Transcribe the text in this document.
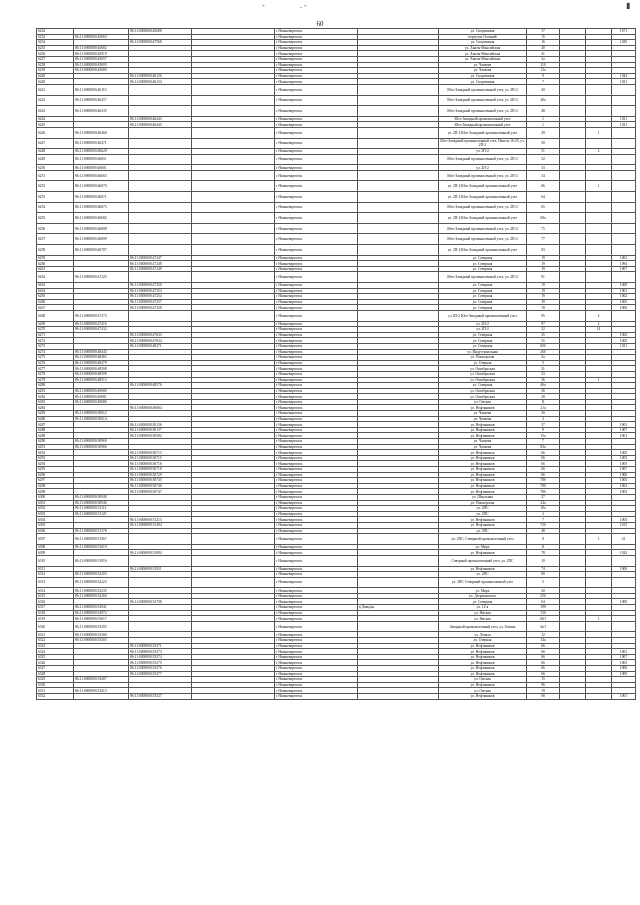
-	. -	▮
60
6232		86:11:0000000:45688		г Нижневартовск		ул. Спортивная	17			1071
6233	86:11:0000000:45663			г Нижневартовск		переулок Осенний	15			
6234		86:11:0000000:47568		г Нижневартовск		ул. Спортивная	16			1029
6235	86:11:0000000:45682			г Нижневартовск		ул. Ханты-Мансийская	40			
6236	86:11:0000000:45919			г Нижневартовск		ул. Ханты-Мансийская	41			
6237	86:11:0000000:45657			г Нижневартовск		ул. Ханты-Мансийская	3а			
6238	86:11:0000000:45695			г Нижневартовск		ул. Чапаева	11б			
6239	86:11:0000000:45680			г Нижневартовск		ул. Чапаева	13а			
6240		86:11:0000000:46136		г Нижневартовск		ул. Спортивная	9			1044
6240		86:11:0000000:46134		г Нижневартовск		ул. Спортивная	7			1031
6241	86:11:0000000:46110			г Нижневартовск		Юго-Западный промышленный узел, ул. 2П-2	40			
6242	86:11:0000000:46257			г Нижневартовск		Юго-Западный промышленный узел, ул. 2П-2	40а			
6243	86:11:0000000:46335			г Нижневартовск		Юго-Западный промышленный узел, ул. 2П-2	48			
6244		86:11:0000000:46443		г Нижневартовск		Юго-Западный промышленный узел	1			1031
6245		86:11:0000000:46445		г Нижневартовск		Юго-Западный промышленный узел	1			1031
6246	86:11:0000000:46468			г Нижневартовск		ул. 2П-2 Юго-Западный промышленный узел	49		1	
6247	86:11:0000000:46471			г Нижневартовск		Юго-Западный промышленный узел, Панель 16-25, ул. 2П-2	50			
6248	86:11:0000000:46628			г Нижневартовск		ул. 2П-2	51		2	
6249	86:11:0000000:46651			г Нижневартовск		Юго-Западный промышленный узел, ул. 2П-2	52			
6250	86:11:0000000:46601			г Нижневартовск		ул. 2П-2	33			
6251	86:11:0000000:46663			г Нижневартовск		Юго-Западный промышленный узел, ул. 2П-2	34			
6252	86:11:0000000:46670			г Нижневартовск		ул. 2П-2 Юго-Западный промышленный узел	66		1	
6253	86:11:0000000:46671			г Нижневартовск		ул. 2П-2 Юго-Западный промышленный узел	64			
6254	86:11:0000000:46675			г Нижневартовск		Юго-Западный промышленный узел, ул. 2П-2	65			
6255	86:11:0000000:46682			г Нижневартовск		ул. 2П-2 Юго-Западный промышленный узел	68а			
6256	86:11:0000000:46698			г Нижневартовск		Юго-Западный промышленный узел, ул. 2П-2	75			
6257	86:11:0000000:46699			г Нижневартовск		Юго-Западный промышленный узел, ул. 2П-2	77			
6258	86:11:0000000:46707			г Нижневартовск		ул. 2П-2 Юго-Западный промышленный узел	83			
6259		86:11:0000000:47247		г Нижневартовск		ул. Северная	19			1002
6260		86:11:0000000:47248		г Нижневартовск		ул. Северная	19			1094
6261		86:11:0000000:47249		г Нижневартовск		ул. Северная	19			1007
6262	86:11:0000000:47225			г Нижневартовск		Юго-Западный промышленный узел, ул. 2П-2	91			
6263		86:11:0000000:47250		г Нижневартовск		ул. Северная	19			1008
6264		86:11:0000000:47253		г Нижневартовск		ул. Северная	19			1001
6265		86:11:0000000:47254		г Нижневартовск		ул. Северная	19			1002
6266		86:11:0000000:47257		г Нижневартовск		ул. Северная	19			1005
6267		86:11:0000000:47258		г Нижневартовск		ул. Северная	19			1006
6268	86:11:0000000:47272			г Нижневартовск		ул 2П-2 Юго-Западный промышленный узел	95		4	
6269	86:11:0000000:47416			г Нижневартовск		ул. 2П-2	97		2	
6270	86:11:0000000:47432			г Нижневартовск		ул. 2П-2	32		14	
6271		86:11:0000000:47633		г Нижневартовск		ул. Северная	35			1002
6272		86:11:0000000:47634		г Нижневартовск		ул. Северная	35			1002
6273		86:11:0000000:48371		г Нижневартовск		ул. Северная	60б			1031
6274	86:11:0000000:48445			г Нижневартовск		ул. Индустриальная	26б			
6275	86:11:0000000:48465			г Нижневартовск		ул. Пионерская	3а			
6276	86:11:0000000:48479			г Нижневартовск		ул. Озерная	5			
6277	86:11:0000000:48508			г Нижневартовск		ул. Октябрьская	31			
6278	86:11:0000000:48509			г Нижневартовск		ул. Октябрьская	23			
6279	86:11:0000000:48513			г Нижневартовск		ул. Октябрьская	36		1	
6280		86:11:0000000:48576		г Нижневартовск		ул. Северная	46а			
6281	86:11:0000000:49680			г Нижневартовск		ул. Октябрьская	36			
6282	86:11:0000000:49681			г Нижневартовск		ул. Октябрьская	28			
6283	86:11:0000000:49686			г Нижневартовск		ул. Омская	11			
6284		86:11:0000000:49684		г Нижневартовск		ул. Нефтяников	21а			
6285	86:11:0000000:50612			г Нижневартовск		ул. Чапаева	3б			
6286	86:11:0000000:50614			г Нижневартовск		ул. Чапаева	3			
6287		86:11:0000000:50136		г Нижневартовск		ул. Нефтяников	37			1001
6288		86:11:0000000:50137		г Нижневартовск		ул. Нефтяников	9			1007
6289		86:11:0000000:50582		г Нижневартовск		ул. Нефтяников	15а			1001
6290	86:11:0000000:50969			г Нижневартовск		ул. Чапаева	7			
6291	86:11:0000000:50966			г Нижневартовск		ул. Чапаева	83а			
6292		86:11:0000000:50713		г Нижневартовск		ул. Нефтяников	66			1002
6293		86:11:0000000:50715		г Нижневартовск		ул. Нефтяников	66			1003
6294		86:11:0000000:50716		г Нижневартовск		ул. Нефтяников	66			1005
6295		86:11:0000000:50718		г Нижневартовск		ул. Нефтяников	66			1007
6296		86:11:0000000:50729		г Нижневартовск		ул. Нефтяников	66			1006
6297		86:11:0000000:50745		г Нижневартовск		ул. Нефтяников	78б			1003
6298		86:11:0000000:50746		г Нижневартовск		ул. Нефтяников	78б			1002
6299		86:11:0000000:50747		г Нижневартовск		ул. Нефтяников	78б			1003
6300	86:11:0000000:50940			г Нижневартовск		ул. Школьная	27			
6301	86:11:0000000:50946			г Нижневартовск		ул. Пионерская	24а			
6302	86:11:0000000:51113			г Нижневартовск		ул. 2ПС	10а			
6303	86:11:0000000:51125			г Нижневартовск		ул. 2ПС	2			
6304		86:11:0000000:51213		г Нижневартовск		ул. Нефтяников	7			1003
6305		86:11:0000000:51384		г Нижневартовск		ул. Нефтяников	72б			1015
6306	86:11:0000000:51378			г Нижневартовск		ул. 2ПС	48			
6307	86:11:0000000:51367			г Нижневартовск		ул. 2ПС, Северный промышленный узел	8		1	41
6308	86:11:0000000:51619			г Нижневартовск		ул. Мира	11			
6309		86:11:0000000:51894		г Нижневартовск		ул. Нефтяников	78			1024
6310	86:11:0000000:51916			г Нижневартовск		Северный промышленный узел, ул. 2ПС	10			
6311		86:11:0000000:51931		г Нижневартовск		ул. Нефтяников	74			1000
6312	86:11:0000000:52203			г Нижневартовск		ул. 2ПС	80			
6313	86:11:0000000:52223			г Нижневартовск		ул. 2ПС Северный промышленный узел	5			
6314	86:11:0000000:52235			г Нижневартовск		ул. Мира	20			
6315	86:11:0000000:52260			г Нижневартовск		ул. Дзержинского	25б			
6316		86:11:0000000:52708		г Нижневартовск		ул. Северная	64			1000
6317	86:11:0000000:52941			г Нижневартовск	в Давыды	ул. 12-я	19б			
6318	86:11:0000000:52972			г Нижневартовск		ул. Ямская	13б			
6319	86:11:0000000:53017			г Нижневартовск		ул. Ямская	28/1		1	
6320	86:11:0000000:53295			г Нижневартовск		Западный промышленный узел, ул. Зенина	3а/1			
6321	86:11:0000000:53300			г Нижневартовск		ул. Лопаха	12			
6322	86:11:0000000:53305			г Нижневартовск		ул. Озерная	14а			
6323		86:11:0000000:53371		г Нижневартовск		ул. Нефтяников	66			
6324		86:11:0000000:53373		г Нижневартовск		ул. Нефтяников	66			1001
6325		86:11:0000000:53374		г Нижневартовск		ул. Нефтяников	66			1007
6326		86:11:0000000:53375		г Нижневартовск		ул. Нефтяников	66			1003
6327		86:11:0000000:53376		г Нижневартовск		ул. Нефтяников	66			1006
6328		86:11:0000000:53377		г Нижневартовск		ул. Нефтяников	66			1009
6329	86:11:0000000:53407			г Нижневартовск		ул. Омская	15			
6330				г Нижневартовск		ул. Нефтяников	96			
6331	86:11:0000000:53413			г Нижневартовск		ул. Омская	19			
6332		86:11:0000000:53527		г Нижневартовск		ул. Нефтяников	68			1001
